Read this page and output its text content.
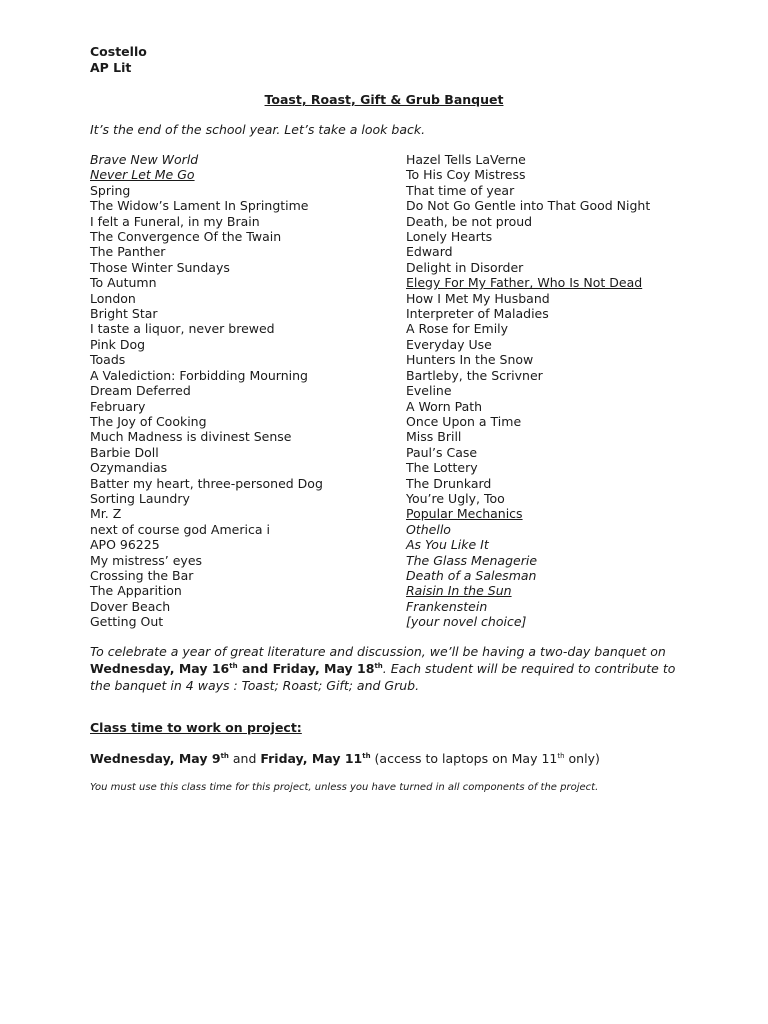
Costello
AP Lit
Toast, Roast, Gift & Grub Banquet
It’s the end of the school year. Let’s take a look back.
Brave New World
Never Let Me Go
Spring
The Widow’s Lament In Springtime
I felt a Funeral, in my Brain
The Convergence Of the Twain
The Panther
Those Winter Sundays
To Autumn
London
Bright Star
I taste a liquor, never brewed
Pink Dog
Toads
A Valediction: Forbidding Mourning
Dream Deferred
February
The Joy of Cooking
Much Madness is divinest Sense
Barbie Doll
Ozymandias
Batter my heart, three-personed Dog
Sorting Laundry
Mr. Z
next of course god America i
APO 96225
My mistress’ eyes
Crossing the Bar
The Apparition
Dover Beach
Getting Out
Hazel Tells LaVerne
To His Coy Mistress
That time of year
Do Not Go Gentle into That Good Night
Death, be not proud
Lonely Hearts
Edward
Delight in Disorder
Elegy For My Father, Who Is Not Dead
How I Met My Husband
Interpreter of Maladies
A Rose for Emily
Everyday Use
Hunters In the Snow
Bartleby, the Scrivner
Eveline
A Worn Path
Once Upon a Time
Miss Brill
Paul’s Case
The Lottery
The Drunkard
You’re Ugly, Too
Popular Mechanics
Othello
As You Like It
The Glass Menagerie
Death of a Salesman
Raisin In the Sun
Frankenstein
[your novel choice]
To celebrate a year of great literature and discussion, we’ll be having a two-day banquet on Wednesday, May 16th and Friday, May 18th. Each student will be required to contribute to the banquet in 4 ways : Toast; Roast; Gift; and Grub.
Class time to work on project:
Wednesday, May 9th and Friday, May 11th (access to laptops on May 11th only)
You must use this class time for this project, unless you have turned in all components of the project.
